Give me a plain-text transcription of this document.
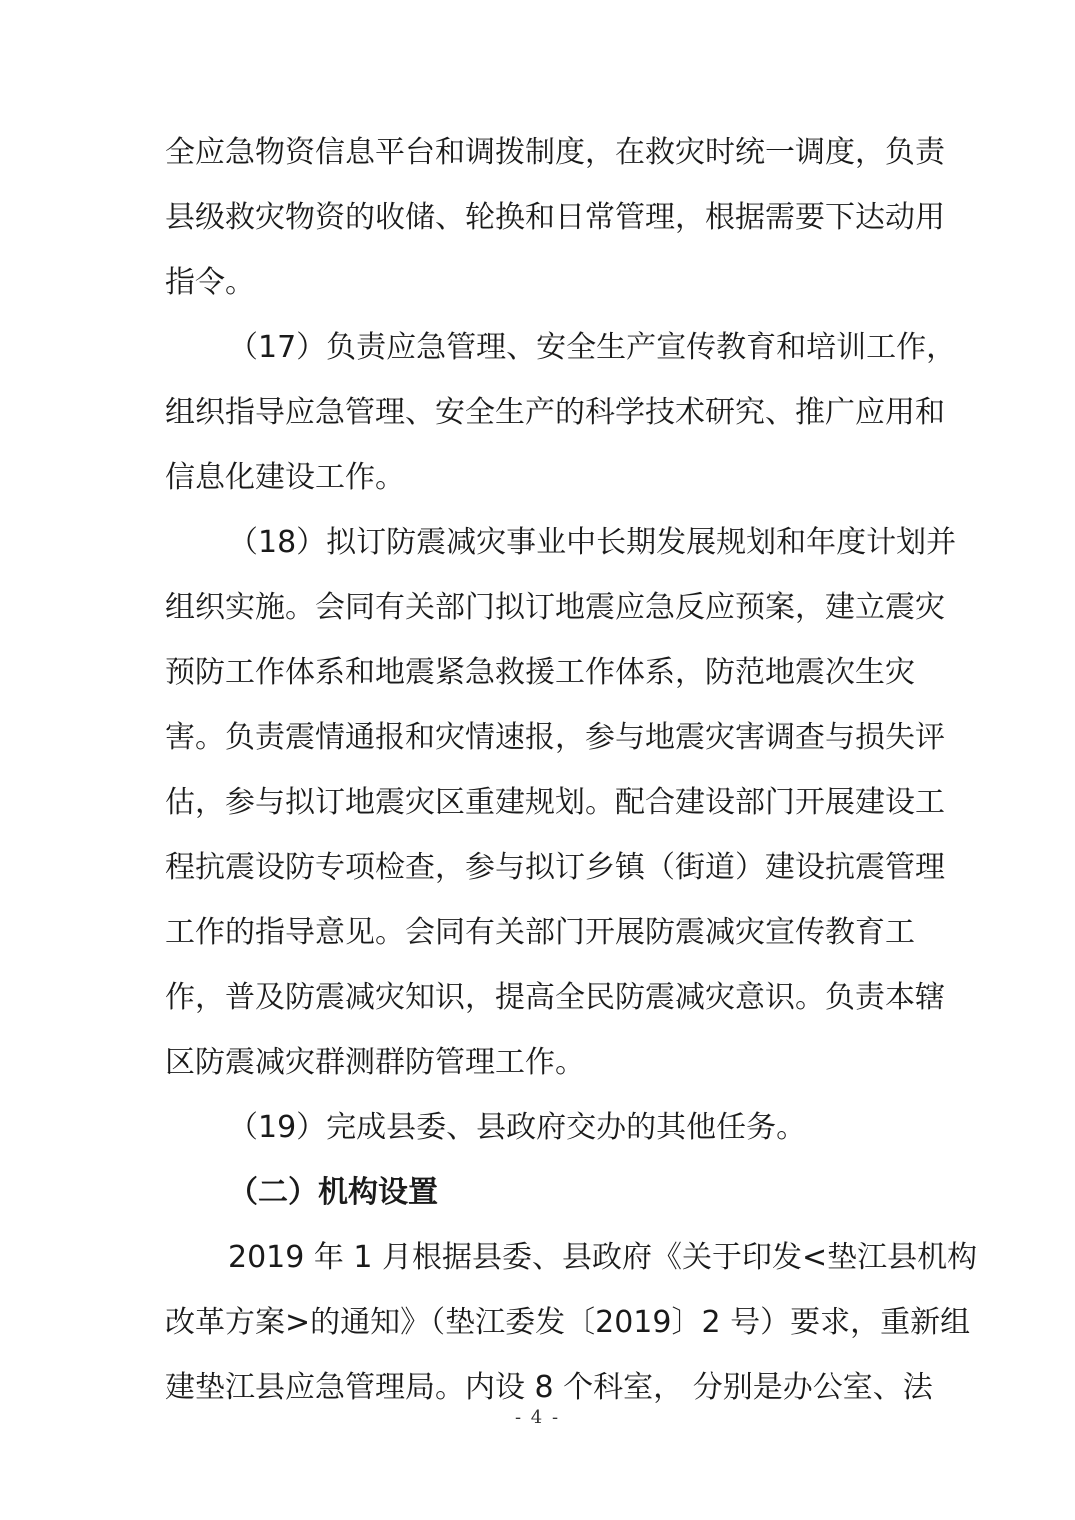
全应急物资信息平台和调拨制度，在救灾时统一调度，负责
县级救灾物资的收储、轮换和日常管理，根据需要下达动用
指令。
（17）负责应急管理、安全生产宣传教育和培训工作，
组织指导应急管理、安全生产的科学技术研究、推广应用和
信息化建设工作。
（18）拟订防震减灾事业中长期发展规划和年度计划并
组织实施。会同有关部门拟订地震应急反应预案，建立震灾
预防工作体系和地震紧急救援工作体系，防范地震次生灾
害。负责震情通报和灾情速报，参与地震灾害调查与损失评
估，参与拟订地震灾区重建规划。配合建设部门开展建设工
程抗震设防专项检查，参与拟订乡镇（街道）建设抗震管理
工作的指导意见。会同有关部门开展防震减灾宣传教育工
作，普及防震减灾知识，提高全民防震减灾意识。负责本辖
区防震减灾群测群防管理工作。
（19）完成县委、县政府交办的其他任务。
（二）机构设置
2019 年 1 月根据县委、县政府《关于印发<垫江县机构
改革方案>的通知》（垫江委发〔2019〕2 号）要求，重新组
建垫江县应急管理局。内设 8 个科室， 分别是办公室、法
- 4 -
